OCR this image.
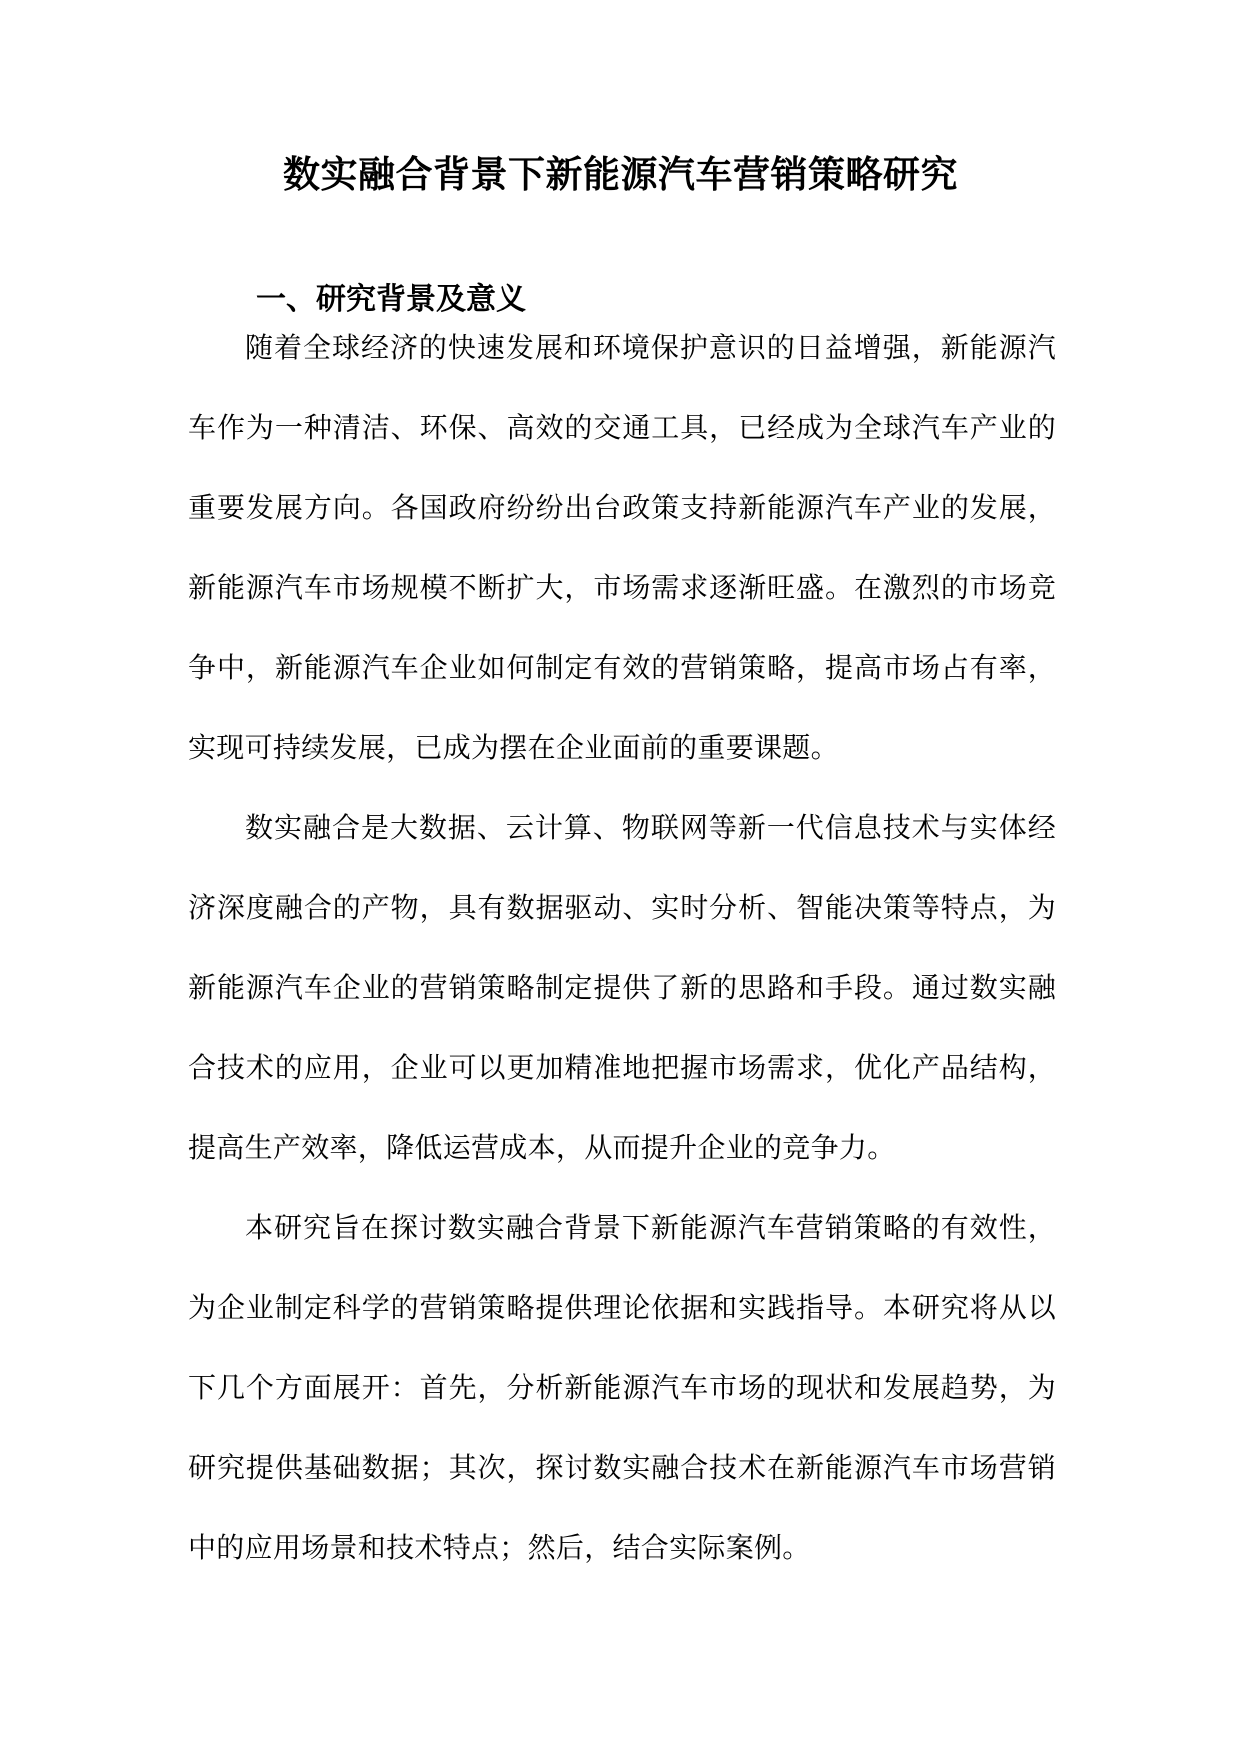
数实融合背景下新能源汽车营销策略研究
一、研究背景及意义

随着全球经济的快速发展和环境保护意识的日益增强，新能源汽车作为一种清洁、环保、高效的交通工具，已经成为全球汽车产业的重要发展方向。各国政府纷纷出台政策支持新能源汽车产业的发展，新能源汽车市场规模不断扩大，市场需求逐渐旺盛。在激烈的市场竞争中，新能源汽车企业如何制定有效的营销策略，提高市场占有率，实现可持续发展，已成为摆在企业面前的重要课题。

数实融合是大数据、云计算、物联网等新一代信息技术与实体经济深度融合的产物，具有数据驱动、实时分析、智能决策等特点，为新能源汽车企业的营销策略制定提供了新的思路和手段。通过数实融合技术的应用，企业可以更加精准地把握市场需求，优化产品结构，提高生产效率，降低运营成本，从而提升企业的竞争力。

本研究旨在探讨数实融合背景下新能源汽车营销策略的有效性，为企业制定科学的营销策略提供理论依据和实践指导。本研究将从以下几个方面展开：首先，分析新能源汽车市场的现状和发展趋势，为研究提供基础数据；其次，探讨数实融合技术在新能源汽车市场营销中的应用场景和技术特点；然后，结合实际案例。
